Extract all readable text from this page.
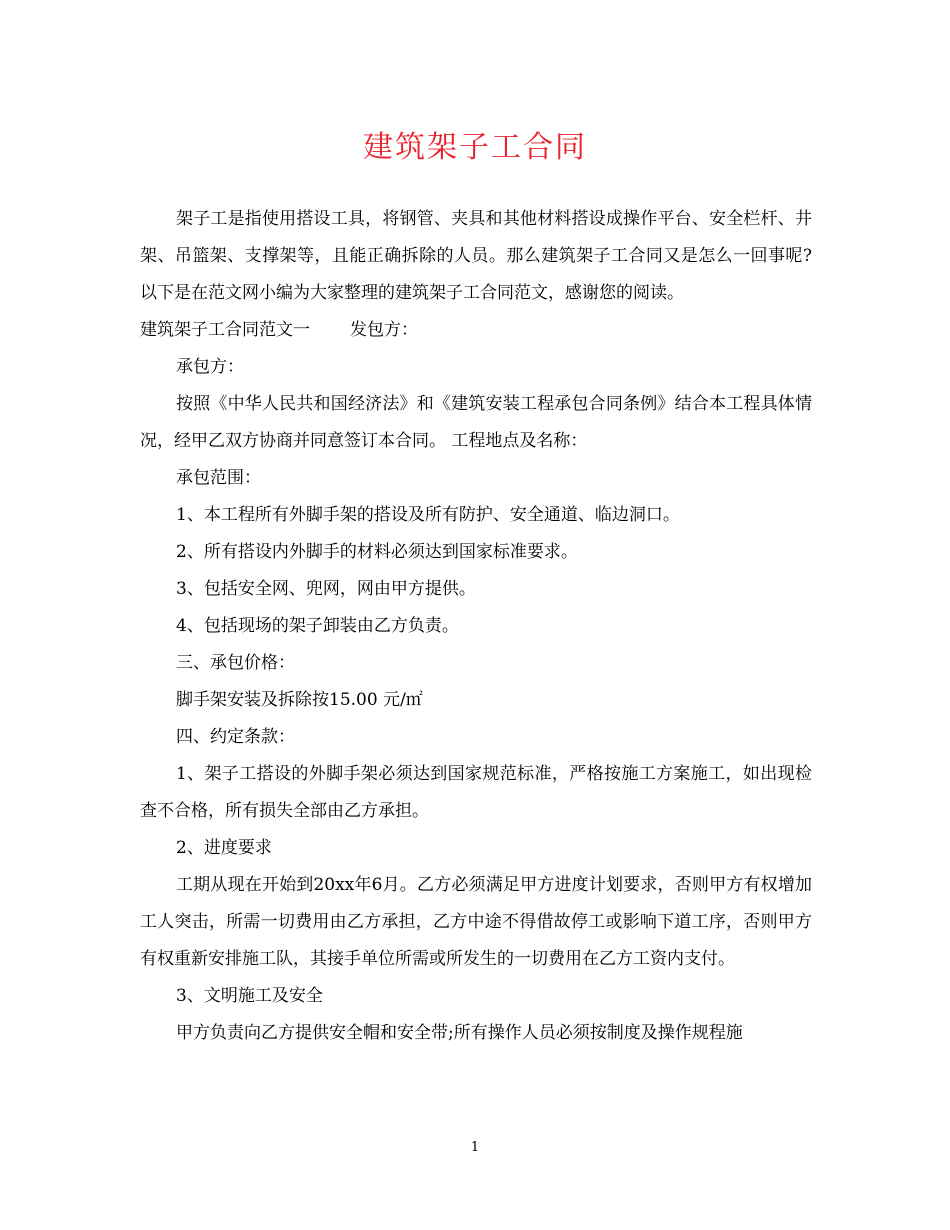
建筑架子工合同

架子工是指使用搭设工具，将钢管、夹具和其他材料搭设成操作平台、安全栏杆、井架、吊篮架、支撑架等，且能正确拆除的人员。那么建筑架子工合同又是怎么一回事呢?以下是在范文网小编为大家整理的建筑架子工合同范文，感谢您的阅读。

建筑架子工合同范文一 发包方：

承包方：

按照《中华人民共和国经济法》和《建筑安装工程承包合同条例》结合本工程具体情况，经甲乙双方协商并同意签订本合同。 工程地点及名称：

承包范围：

1、本工程所有外脚手架的搭设及所有防护、安全通道、临边洞口。

2、所有搭设内外脚手的材料必须达到国家标准要求。

3、包括安全网、兜网，网由甲方提供。

4、包括现场的架子卸装由乙方负责。

三、承包价格：

脚手架安装及拆除按15.00 元/㎡

四、约定条款：

1、架子工搭设的外脚手架必须达到国家规范标准，严格按施工方案施工，如出现检查不合格，所有损失全部由乙方承担。

2、进度要求

工期从现在开始到20xx年6月。乙方必须满足甲方进度计划要求，否则甲方有权增加工人突击，所需一切费用由乙方承担，乙方中途不得借故停工或影响下道工序，否则甲方有权重新安排施工队，其接手单位所需或所发生的一切费用在乙方工资内支付。

3、文明施工及安全

甲方负责向乙方提供安全帽和安全带;所有操作人员必须按制度及操作规程施

1
